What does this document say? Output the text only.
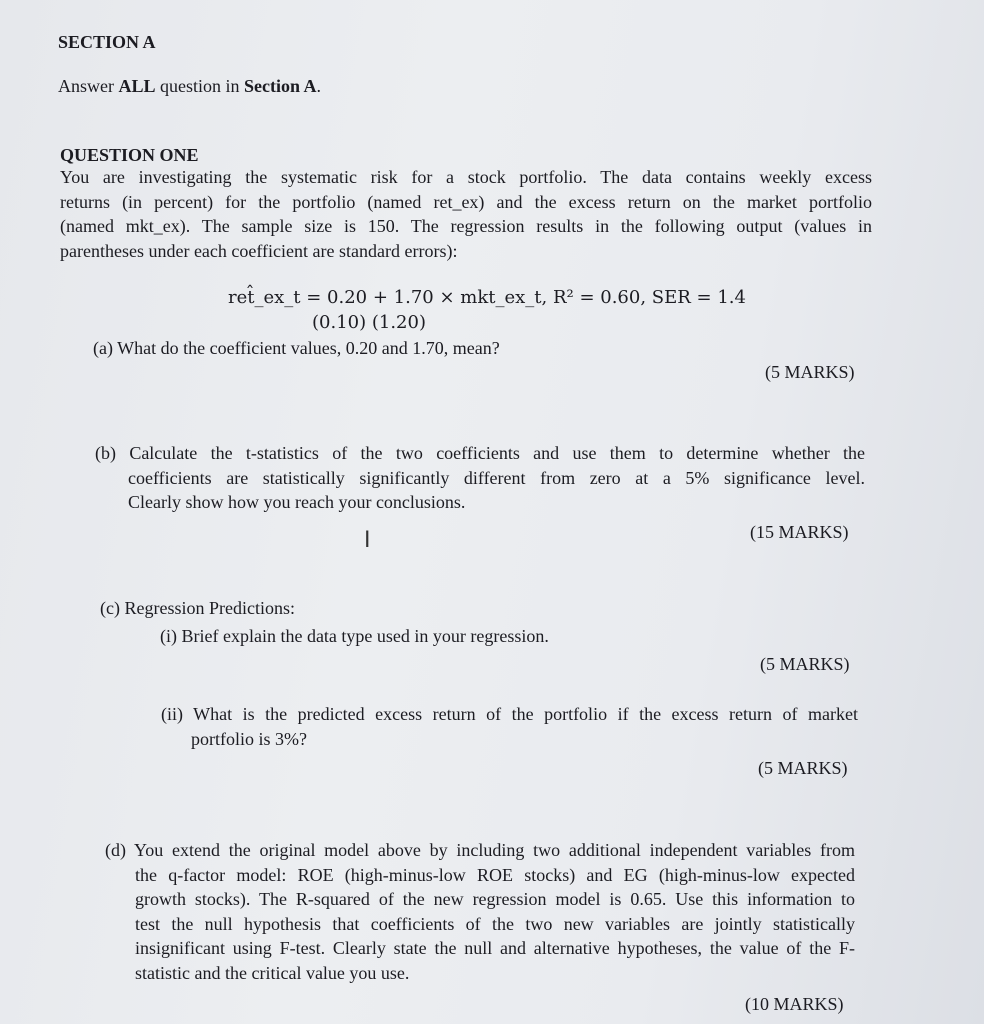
SECTION A
Answer ALL question in Section A.
QUESTION ONE
You are investigating the systematic risk for a stock portfolio. The data contains weekly excess
returns (in percent) for the portfolio (named ret_ex) and the excess return on the market portfolio
(named mkt_ex). The sample size is 150. The regression results in the following output (values in
parentheses under each coefficient are standard errors):
ret̂_ex_t = 0.20 + 1.70 × mkt_ex_t, R² = 0.60, SER = 1.4
(0.10) (1.20)
(a) What do the coefficient values, 0.20 and 1.70, mean?
(5 MARKS)
(b) Calculate the t-statistics of the two coefficients and use them to determine whether the
coefficients are statistically significantly different from zero at a 5% significance level.
Clearly show how you reach your conclusions.
(15 MARKS)
I
(c) Regression Predictions:
(i) Brief explain the data type used in your regression.
(5 MARKS)
(ii) What is the predicted excess return of the portfolio if the excess return of market
portfolio is 3%?
(5 MARKS)
(d) You extend the original model above by including two additional independent variables from
the q-factor model: ROE (high-minus-low ROE stocks) and EG (high-minus-low expected
growth stocks). The R-squared of the new regression model is 0.65. Use this information to
test the null hypothesis that coefficients of the two new variables are jointly statistically
insignificant using F-test. Clearly state the null and alternative hypotheses, the value of the F-
statistic and the critical value you use.
(10 MARKS)
